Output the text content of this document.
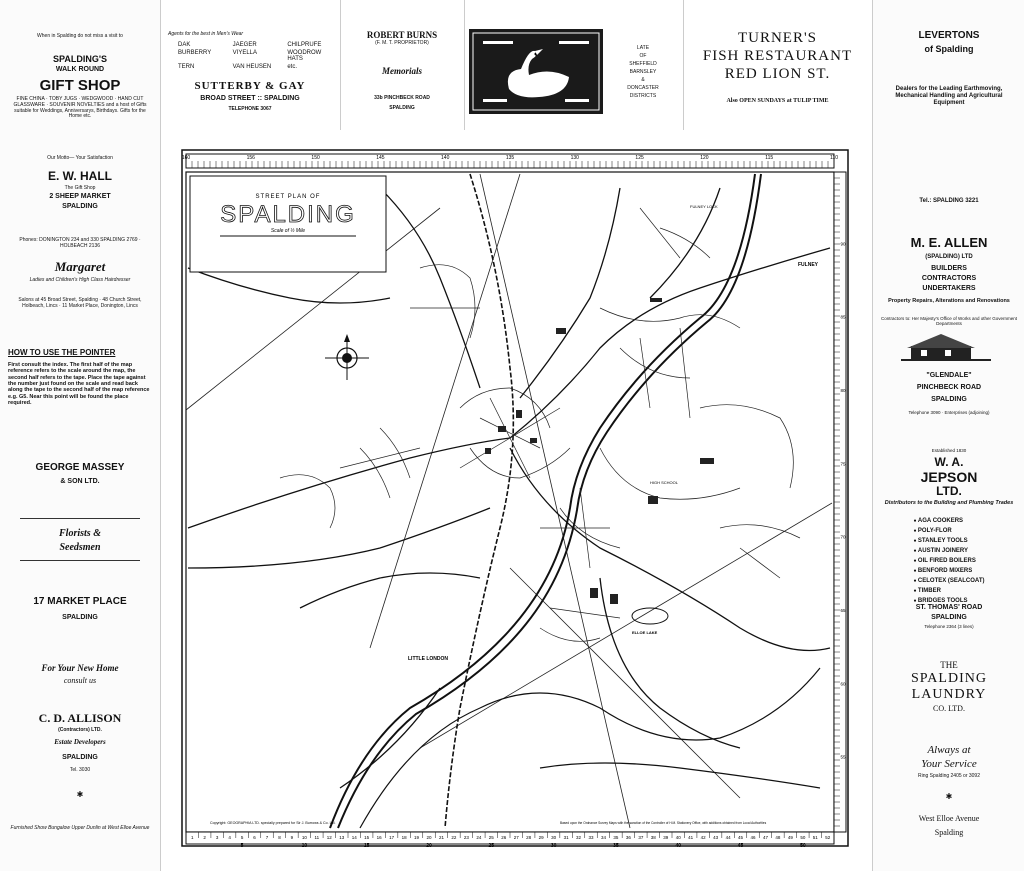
When in Spalding do not miss a visit to
SPALDING'S
WALK ROUND
GIFT SHOP
FINE CHINA · TOBY JUGS · WEDGWOOD · HAND CUT GLASSWARE · SOUVENIR NOVELTIES and a host of Gifts suitable for Weddings, Anniversarys, Birthdays. Gifts for the Home etc.
Our Motto— Your Satisfaction
E. W. HALL
The Gift Shop
2 SHEEP MARKET
SPALDING
Phones: DONINGTON 234 and 330 SPALDING 2769 · HOLBEACH 2136
Margaret
Ladies and Children's High Class Hairdresser
Salons at 45 Broad Street, Spalding · 48 Church Street, Holbeach, Lincs · 11 Market Place, Donington, Lincs
HOW TO USE THE POINTER
First consult the index. The first half of the map reference refers to the scale around the map, the second half refers to the tape. Place the tape against the number just found on the scale and read back along the tape to the second half of the map reference e.g. G5. Near this point will be found the place required.
GEORGE MASSEY
& SON LTD.
Florists &
Seedsmen
17 MARKET PLACE
SPALDING
For Your New Home
consult us
C. D. ALLISON
(Contractors) LTD.
Estate Developers
SPALDING
Tel. 3030
✱
Furnished Show Bungalow Upper Dunlin at West Elloe Avenue
Agents for the best in Men's Wear
DAK	JAEGER	CHILPRUFE
BURBERRY	VIYELLA	WOODROW HATS
TERN	VAN HEUSEN	etc.
SUTTERBY & GAY
BROAD STREET :: SPALDING
TELEPHONE 3067
ROBERT BURNS
(F. M. T. PROPRIETOR)
Memorials
33b PINCHBECK ROAD
SPALDING
LATE
OF
SHEFFIELD
BARNSLEY
&
DONCASTER
DISTRICTS
TURNER'S
FISH RESTAURANT
RED LION ST.
Also OPEN SUNDAYS at TULIP TIME
160	156	150	145	140	135	130	125	120	115	110
1 2 3 4 5 6 7 8 9 10 11 12 13 14 15 16 17 18 19 20 21 22 23 24 25 26 27 28 29 30 31 32 33 34 35 36 37 38 39 40 41 42 43 44 45 46 47 48 49 50 51 52
5	10	15	20	25	30	35	40	45	50
90
85
80
75
70
65
60
55
STREET PLAN OF
SPALDING
Scale of ½ Mile
FULNEY
LITTLE LONDON
FULNEY LOCK
HIGH SCHOOL
ELLOE LAKE
Copyright: GEOGRAPHIA LTD. specially prepared for Sir J. Burrows & Co. Ltd.	Based upon the Ordnance Survey Maps with the sanction of the Controller of H.M. Stationery Office, with additions obtained from Local Authorities
LEVERTONS
of Spalding
Dealers for the Leading Earthmoving, Mechanical Handling and Agricultural Equipment
Tel.: SPALDING 3221
M. E. ALLEN
(SPALDING) LTD
BUILDERS
CONTRACTORS
UNDERTAKERS
Property Repairs, Alterations and Renovations
Contractors to: Her Majesty's Office of Works and other Government Departments
"GLENDALE"
PINCHBECK ROAD
SPALDING
Telephone 3090 · Enterprises (adjoining)
Established 1830
W. A.
JEPSON
LTD.
Distributors to the Building and Plumbing Trades
● AGA COOKERS
● POLY-FLOR
● STANLEY TOOLS
● AUSTIN JOINERY
● OIL FIRED BOILERS
● BENFORD MIXERS
● CELOTEX (SEALCOAT)
● TIMBER
● BRIDGES TOOLS
ST. THOMAS' ROAD
SPALDING
Telephone 2364 (3 lines)
THE
SPALDING
LAUNDRY
CO. LTD.
Always at
Your Service
Ring Spalding 2405 or 3092
✱
West Elloe Avenue
Spalding
